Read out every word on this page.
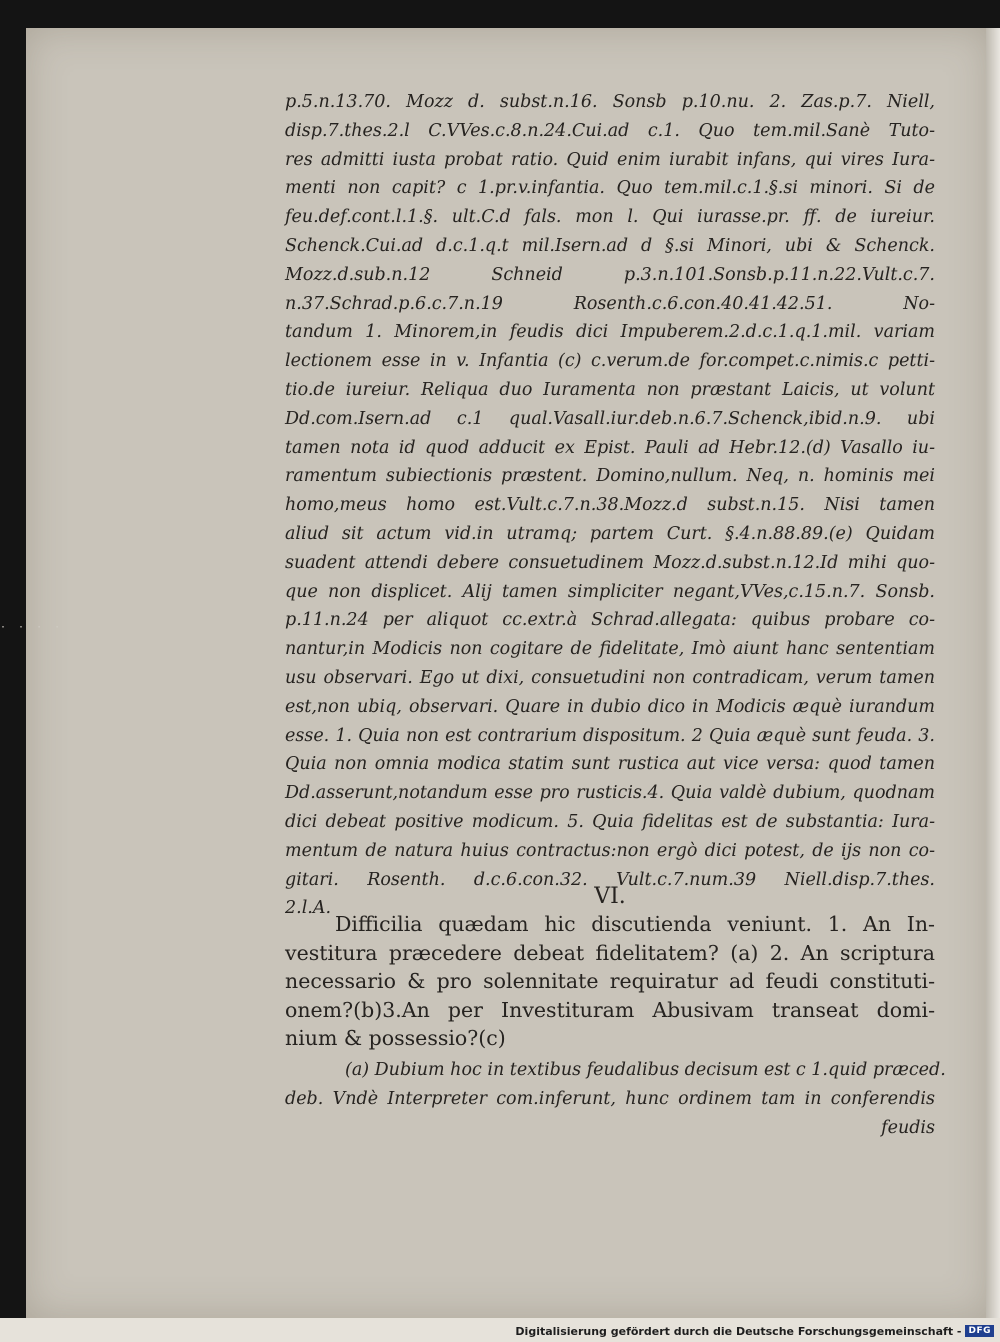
· · · ·
p.5.n.13.70. Mozz d. subst.n.16. Sonsb p.10.nu. 2. Zas.p.7. Niell,
disp.7.thes.2.l C.VVes.c.8.n.24.Cui.ad c.1. Quo tem.mil.Sanè Tuto-
res admitti iusta probat ratio. Quid enim iurabit infans, qui vires Iura-
menti non capit? c 1.pr.v.infantia. Quo tem.mil.c.1.§.si minori. Si de
feu.def.cont.l.1.§. ult.C.d fals. mon l. Qui iurasse.pr. ff. de iureiur.
Schenck.Cui.ad d.c.1.q.t mil.Isern.ad d §.si Minori, ubi & Schenck.
Mozz.d.sub.n.12 Schneid p.3.n.101.Sonsb.p.11.n.22.Vult.c.7.
n.37.Schrad.p.6.c.7.n.19 Rosenth.c.6.con.40.41.42.51. No-
tandum 1. Minorem,in feudis dici Impuberem.2.d.c.1.q.1.mil. variam
lectionem esse in v. Infantia (c) c.verum.de for.compet.c.nimis.c petti-
tio.de iureiur. Reliqua duo Iuramenta non præstant Laicis, ut volunt
Dd.com.Isern.ad c.1 qual.Vasall.iur.deb.n.6.7.Schenck,ibid.n.9. ubi
tamen nota id quod adducit ex Epist. Pauli ad Hebr.12.(d) Vasallo iu-
ramentum subiectionis præstent. Domino,nullum. Neq, n. hominis mei
homo,meus homo est.Vult.c.7.n.38.Mozz.d subst.n.15. Nisi tamen
aliud sit actum vid.in utramq; partem Curt. §.4.n.88.89.(e) Quidam
suadent attendi debere consuetudinem Mozz.d.subst.n.12.Id mihi quo-
que non displicet. Alij tamen simpliciter negant,VVes,c.15.n.7. Sonsb.
p.11.n.24 per aliquot cc.extr.à Schrad.allegata: quibus probare co-
nantur,in Modicis non cogitare de fidelitate, Imò aiunt hanc sententiam
usu observari. Ego ut dixi, consuetudini non contradicam, verum tamen
est,non ubiq, observari. Quare in dubio dico in Modicis æquè iurandum
esse. 1. Quia non est contrarium dispositum. 2 Quia æquè sunt feuda. 3.
Quia non omnia modica statim sunt rustica aut vice versa: quod tamen
Dd.asserunt,notandum esse pro rusticis.4. Quia valdè dubium, quodnam
dici debeat positive modicum. 5. Quia fidelitas est de substantia: Iura-
mentum de natura huius contractus:non ergò dici potest, de ijs non co-
gitari. Rosenth. d.c.6.con.32. Vult.c.7.num.39 Niell.disp.7.thes.
2.l.A.	VI.
Difficilia quædam hic discutienda veniunt. 1. An In-
vestitura præcedere debeat fidelitatem? (a) 2. An scriptura
necessario & pro solennitate requiratur ad feudi constituti-
onem?(b)3.An per Investituram Abusivam transeat domi-
nium & possessio?(c)
(a) Dubium hoc in textibus feudalibus decisum est c 1.quid præced.
deb. Vndè Interpreter com.inferunt, hunc ordinem tam in conferendis
feudis
Digitalisierung gefördert durch die Deutsche Forschungsgemeinschaft - DFG
